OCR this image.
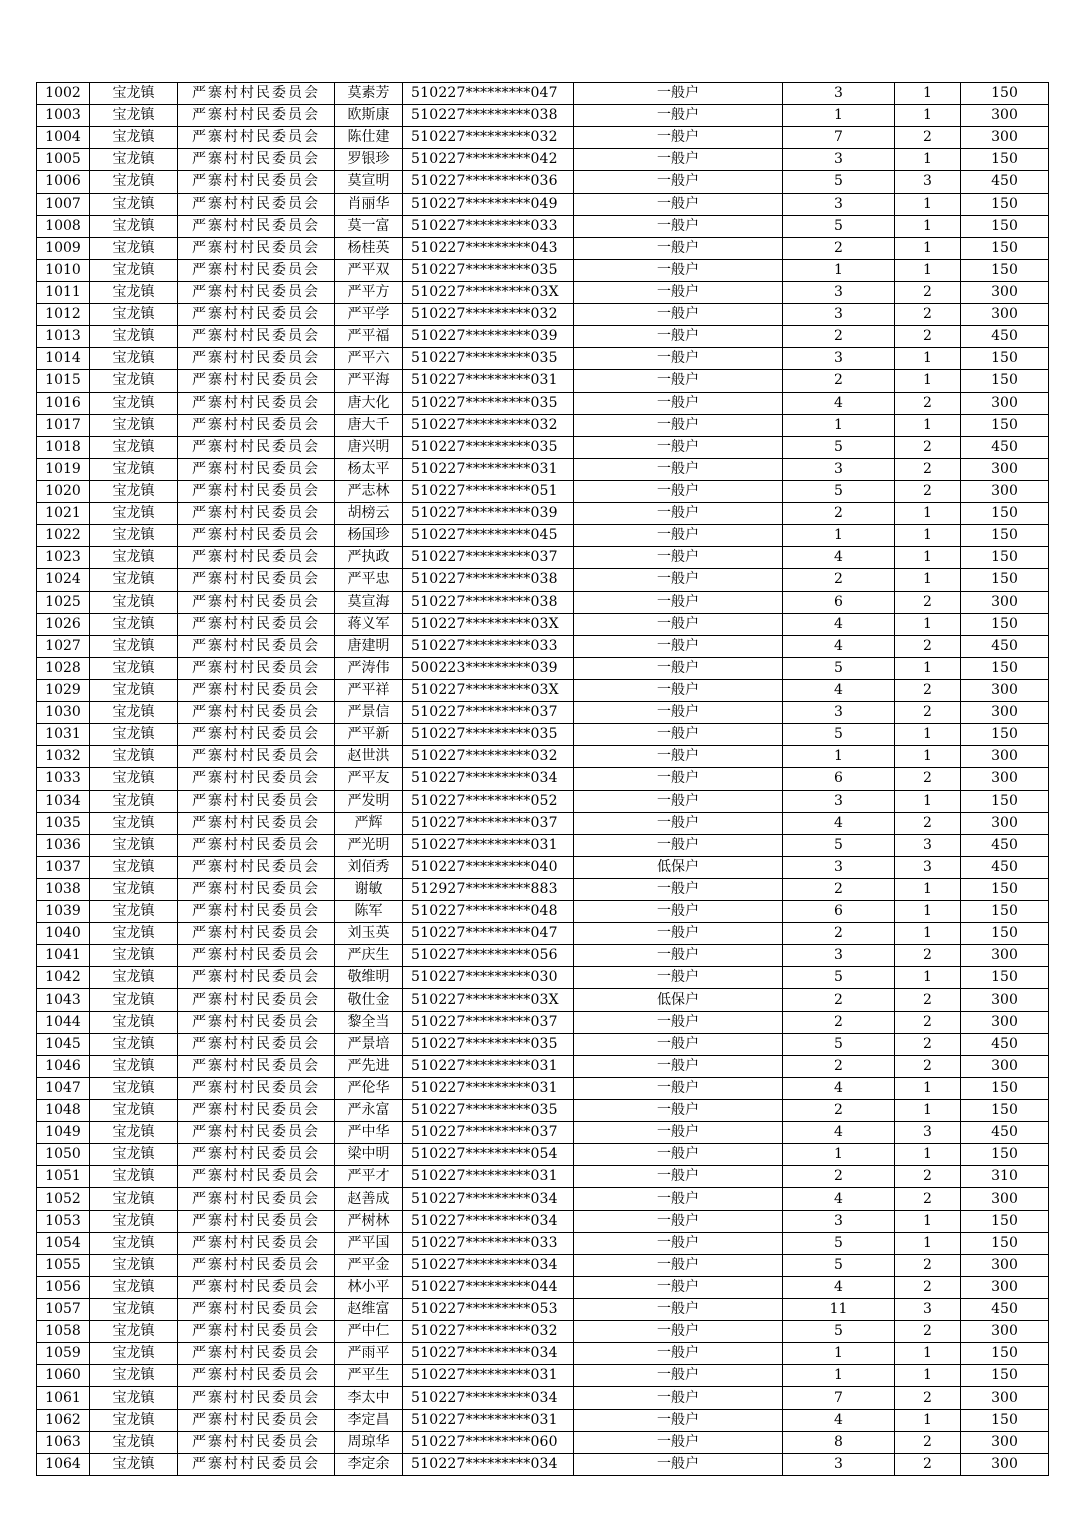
1002	宝龙镇	严寨村村民委员会	莫素芳	510227*********047	一般户	3	1	150
1003	宝龙镇	严寨村村民委员会	欧斯康	510227*********038	一般户	1	1	300
1004	宝龙镇	严寨村村民委员会	陈仕建	510227*********032	一般户	7	2	300
1005	宝龙镇	严寨村村民委员会	罗银珍	510227*********042	一般户	3	1	150
1006	宝龙镇	严寨村村民委员会	莫宣明	510227*********036	一般户	5	3	450
1007	宝龙镇	严寨村村民委员会	肖丽华	510227*********049	一般户	3	1	150
1008	宝龙镇	严寨村村民委员会	莫一富	510227*********033	一般户	5	1	150
1009	宝龙镇	严寨村村民委员会	杨桂英	510227*********043	一般户	2	1	150
1010	宝龙镇	严寨村村民委员会	严平双	510227*********035	一般户	1	1	150
1011	宝龙镇	严寨村村民委员会	严平方	510227*********03X	一般户	3	2	300
1012	宝龙镇	严寨村村民委员会	严平学	510227*********032	一般户	3	2	300
1013	宝龙镇	严寨村村民委员会	严平福	510227*********039	一般户	2	2	450
1014	宝龙镇	严寨村村民委员会	严平六	510227*********035	一般户	3	1	150
1015	宝龙镇	严寨村村民委员会	严平海	510227*********031	一般户	2	1	150
1016	宝龙镇	严寨村村民委员会	唐大化	510227*********035	一般户	4	2	300
1017	宝龙镇	严寨村村民委员会	唐大千	510227*********032	一般户	1	1	150
1018	宝龙镇	严寨村村民委员会	唐兴明	510227*********035	一般户	5	2	450
1019	宝龙镇	严寨村村民委员会	杨太平	510227*********031	一般户	3	2	300
1020	宝龙镇	严寨村村民委员会	严志林	510227*********051	一般户	5	2	300
1021	宝龙镇	严寨村村民委员会	胡榜云	510227*********039	一般户	2	1	150
1022	宝龙镇	严寨村村民委员会	杨国珍	510227*********045	一般户	1	1	150
1023	宝龙镇	严寨村村民委员会	严执政	510227*********037	一般户	4	1	150
1024	宝龙镇	严寨村村民委员会	严平忠	510227*********038	一般户	2	1	150
1025	宝龙镇	严寨村村民委员会	莫宣海	510227*********038	一般户	6	2	300
1026	宝龙镇	严寨村村民委员会	蒋义军	510227*********03X	一般户	4	1	150
1027	宝龙镇	严寨村村民委员会	唐建明	510227*********033	一般户	4	2	450
1028	宝龙镇	严寨村村民委员会	严涛伟	500223*********039	一般户	5	1	150
1029	宝龙镇	严寨村村民委员会	严平祥	510227*********03X	一般户	4	2	300
1030	宝龙镇	严寨村村民委员会	严景信	510227*********037	一般户	3	2	300
1031	宝龙镇	严寨村村民委员会	严平新	510227*********035	一般户	5	1	150
1032	宝龙镇	严寨村村民委员会	赵世洪	510227*********032	一般户	1	1	300
1033	宝龙镇	严寨村村民委员会	严平友	510227*********034	一般户	6	2	300
1034	宝龙镇	严寨村村民委员会	严发明	510227*********052	一般户	3	1	150
1035	宝龙镇	严寨村村民委员会	严辉	510227*********037	一般户	4	2	300
1036	宝龙镇	严寨村村民委员会	严光明	510227*********031	一般户	5	3	450
1037	宝龙镇	严寨村村民委员会	刘佰秀	510227*********040	低保户	3	3	450
1038	宝龙镇	严寨村村民委员会	谢敏	512927*********883	一般户	2	1	150
1039	宝龙镇	严寨村村民委员会	陈军	510227*********048	一般户	6	1	150
1040	宝龙镇	严寨村村民委员会	刘玉英	510227*********047	一般户	2	1	150
1041	宝龙镇	严寨村村民委员会	严庆生	510227*********056	一般户	3	2	300
1042	宝龙镇	严寨村村民委员会	敬维明	510227*********030	一般户	5	1	150
1043	宝龙镇	严寨村村民委员会	敬仕金	510227*********03X	低保户	2	2	300
1044	宝龙镇	严寨村村民委员会	黎全当	510227*********037	一般户	2	2	300
1045	宝龙镇	严寨村村民委员会	严景培	510227*********035	一般户	5	2	450
1046	宝龙镇	严寨村村民委员会	严先进	510227*********031	一般户	2	2	300
1047	宝龙镇	严寨村村民委员会	严伦华	510227*********031	一般户	4	1	150
1048	宝龙镇	严寨村村民委员会	严永富	510227*********035	一般户	2	1	150
1049	宝龙镇	严寨村村民委员会	严中华	510227*********037	一般户	4	3	450
1050	宝龙镇	严寨村村民委员会	梁中明	510227*********054	一般户	1	1	150
1051	宝龙镇	严寨村村民委员会	严平才	510227*********031	一般户	2	2	310
1052	宝龙镇	严寨村村民委员会	赵善成	510227*********034	一般户	4	2	300
1053	宝龙镇	严寨村村民委员会	严树林	510227*********034	一般户	3	1	150
1054	宝龙镇	严寨村村民委员会	严平国	510227*********033	一般户	5	1	150
1055	宝龙镇	严寨村村民委员会	严平金	510227*********034	一般户	5	2	300
1056	宝龙镇	严寨村村民委员会	林小平	510227*********044	一般户	4	2	300
1057	宝龙镇	严寨村村民委员会	赵维富	510227*********053	一般户	11	3	450
1058	宝龙镇	严寨村村民委员会	严中仁	510227*********032	一般户	5	2	300
1059	宝龙镇	严寨村村民委员会	严雨平	510227*********034	一般户	1	1	150
1060	宝龙镇	严寨村村民委员会	严平生	510227*********031	一般户	1	1	150
1061	宝龙镇	严寨村村民委员会	李太中	510227*********034	一般户	7	2	300
1062	宝龙镇	严寨村村民委员会	李定昌	510227*********031	一般户	4	1	150
1063	宝龙镇	严寨村村民委员会	周琼华	510227*********060	一般户	8	2	300
1064	宝龙镇	严寨村村民委员会	李定余	510227*********034	一般户	3	2	300
